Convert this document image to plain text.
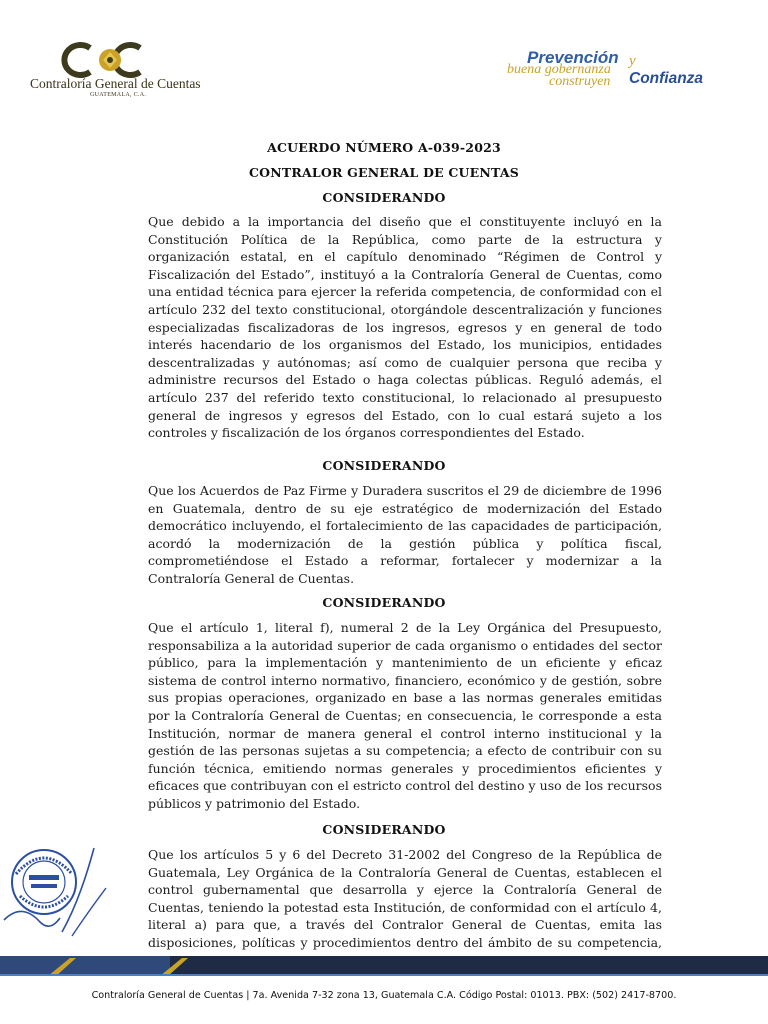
Contraloría General de Cuentas
GUATEMALA, C.A.
Prevención y
buena gobernanza
construyen Confianza
ACUERDO NÚMERO A-039-2023
CONTRALOR GENERAL DE CUENTAS
CONSIDERANDO
Que debido a la importancia del diseño que el constituyente incluyó en la Constitución Política de la República, como parte de la estructura y organización estatal, en el capítulo denominado “Régimen de Control y Fiscalización del Estado”, instituyó a la Contraloría General de Cuentas, como una entidad técnica para ejercer la referida competencia, de conformidad con el artículo 232 del texto constitucional, otorgándole descentralización y funciones especializadas fiscalizadoras de los ingresos, egresos y en general de todo interés hacendario de los organismos del Estado, los municipios, entidades descentralizadas y autónomas; así como de cualquier persona que reciba y administre recursos del Estado o haga colectas públicas. Reguló además, el artículo 237 del referido texto constitucional, lo relacionado al presupuesto general de ingresos y egresos del Estado, con lo cual estará sujeto a los controles y fiscalización de los órganos correspondientes del Estado.
CONSIDERANDO
Que los Acuerdos de Paz Firme y Duradera suscritos el 29 de diciembre de 1996 en Guatemala, dentro de su eje estratégico de modernización del Estado democrático incluyendo, el fortalecimiento de las capacidades de participación, acordó la modernización de la gestión pública y política fiscal, comprometiéndose el Estado a reformar, fortalecer y modernizar a la Contraloría General de Cuentas.
CONSIDERANDO
Que el artículo 1, literal f), numeral 2 de la Ley Orgánica del Presupuesto, responsabiliza a la autoridad superior de cada organismo o entidades del sector público, para la implementación y mantenimiento de un eficiente y eficaz sistema de control interno normativo, financiero, económico y de gestión, sobre sus propias operaciones, organizado en base a las normas generales emitidas por la Contraloría General de Cuentas; en consecuencia, le corresponde a esta Institución, normar de manera general el control interno institucional y la gestión de las personas sujetas a su competencia; a efecto de contribuir con su función técnica, emitiendo normas generales y procedimientos eficientes y eficaces que contribuyan con el estricto control del destino y uso de los recursos públicos y patrimonio del Estado.
CONSIDERANDO
Que los artículos 5 y 6 del Decreto 31-2002 del Congreso de la República de Guatemala, Ley Orgánica de la Contraloría General de Cuentas, establecen el control gubernamental que desarrolla y ejerce la Contraloría General de Cuentas, teniendo la potestad esta Institución, de conformidad con el artículo 4, literal a) para que, a través del Contralor General de Cuentas, emita las disposiciones, políticas y procedimientos dentro del ámbito de su competencia,
Contraloría General de Cuentas | 7a. Avenida 7-32 zona 13, Guatemala C.A. Código Postal: 01013. PBX: (502) 2417-8700.
